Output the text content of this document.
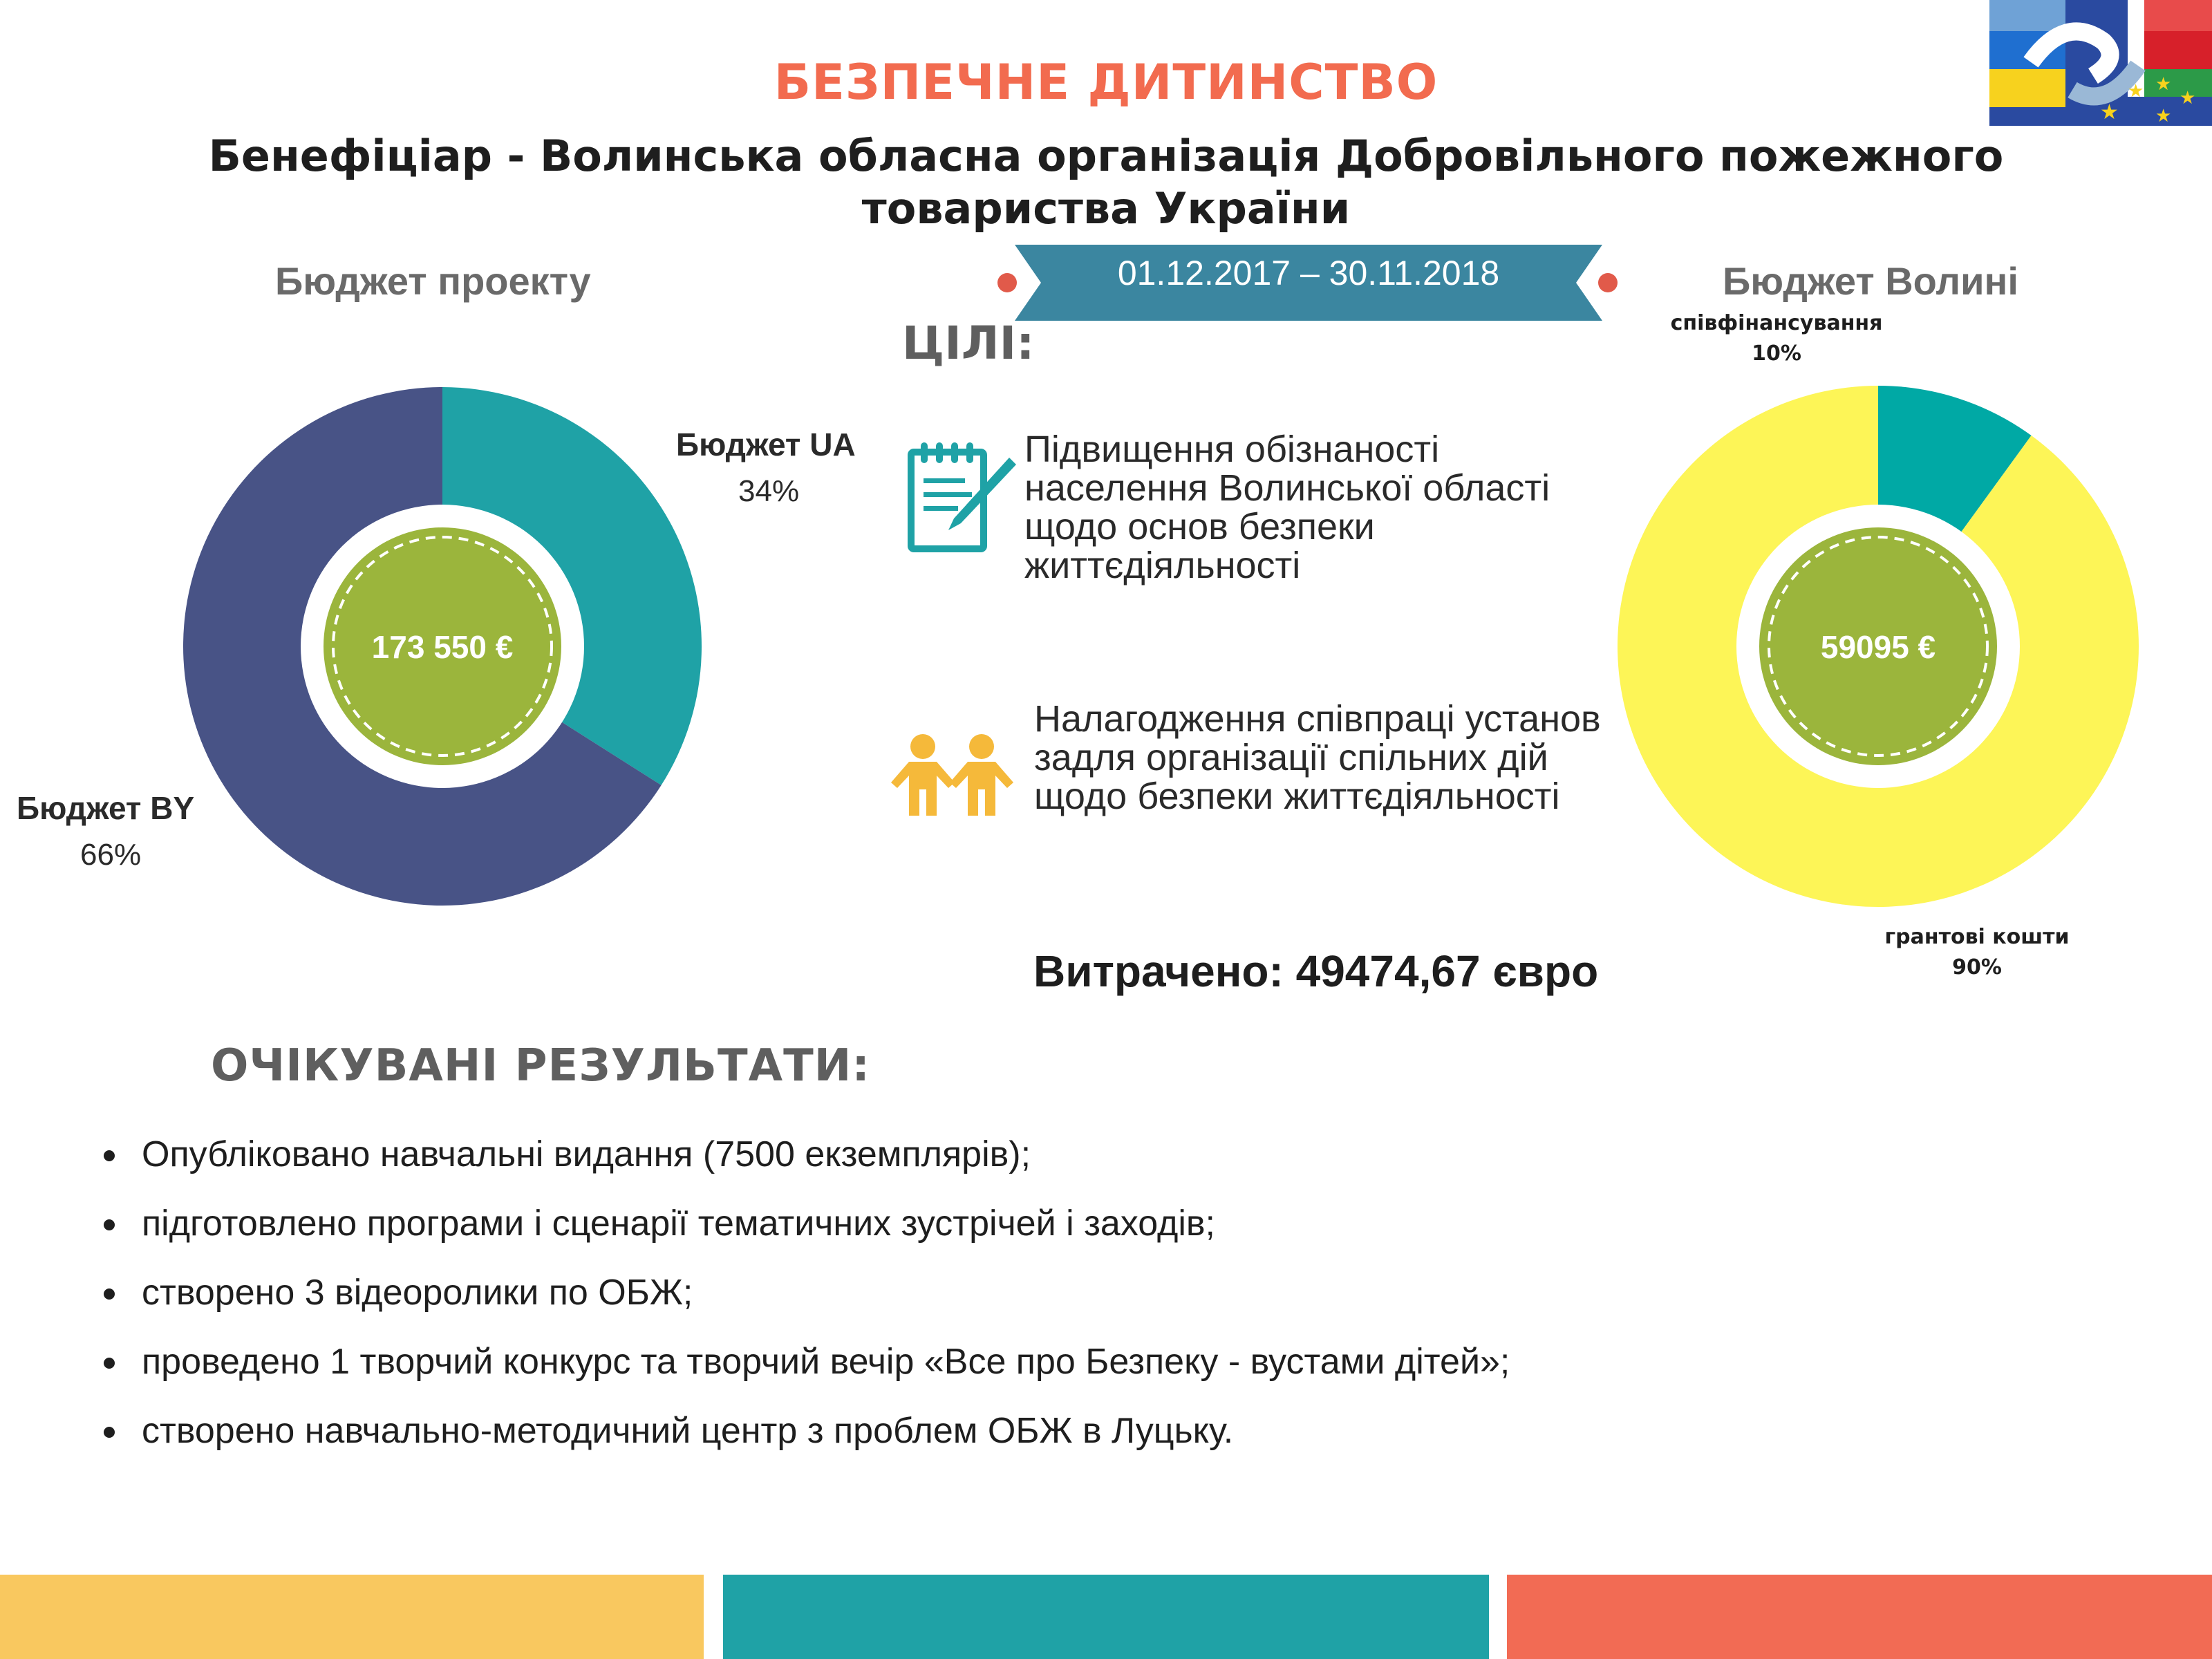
★
★ ★
★
★
БЕЗПЕЧНЕ ДИТИНСТВО
Бенефіціар - Волинська обласна організація Добровільного пожежного товариства України
Бюджет проекту	Бюджет Волині
01.12.2017 – 30.11.2018
ЦІЛІ:
Підвищення обізнаності населення Волинської області щодо основ безпеки життєдіяльності
Налагодження співпраці установ задля організації спільних дій щодо безпеки життєдіяльності
Витрачено: 49474,67 євро
173 550 €
Бюджет UA
34%
Бюджет BY
66%
59095 €
співфінансування
10%
грантові кошти
90%
ОЧІКУВАНІ РЕЗУЛЬТАТИ:
Опубліковано навчальні видання (7500 екземплярів);
підготовлено програми і сценарії тематичних зустрічей і заходів;
створено 3 відеоролики по ОБЖ;
проведено 1 творчий конкурс та творчий вечір «Все про Безпеку - вустами дітей»;
створено навчально-методичний центр з проблем ОБЖ в Луцьку.
